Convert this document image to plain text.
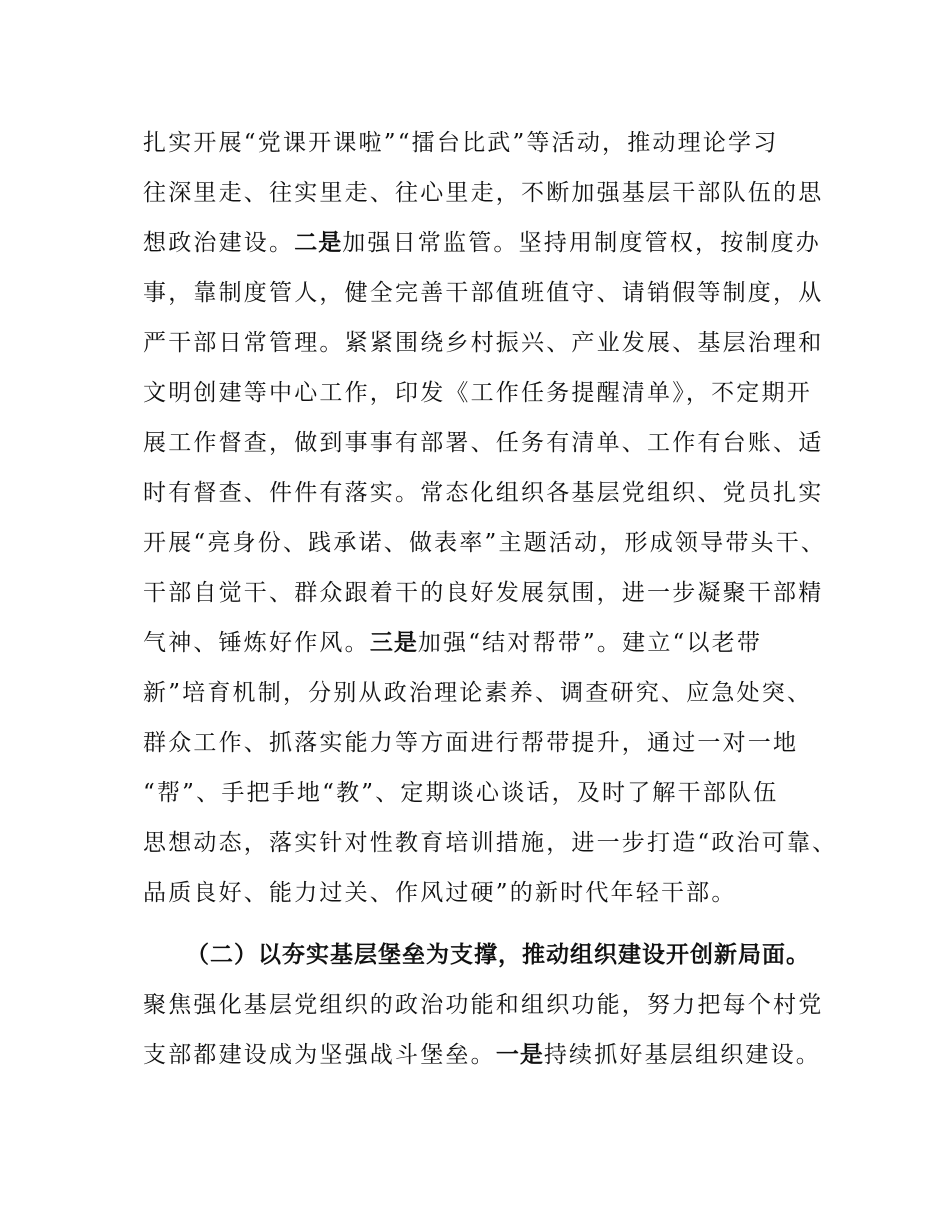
扎实开展“党课开课啦”“擂台比武”等活动，推动理论学习
往深里走、往实里走、往心里走，不断加强基层干部队伍的思
想政治建设。二是加强日常监管。坚持用制度管权，按制度办
事，靠制度管人，健全完善干部值班值守、请销假等制度，从
严干部日常管理。紧紧围绕乡村振兴、产业发展、基层治理和
文明创建等中心工作，印发《工作任务提醒清单》，不定期开
展工作督查，做到事事有部署、任务有清单、工作有台账、适
时有督查、件件有落实。常态化组织各基层党组织、党员扎实
开展“亮身份、践承诺、做表率”主题活动，形成领导带头干、
干部自觉干、群众跟着干的良好发展氛围，进一步凝聚干部精
气神、锤炼好作风。三是加强“结对帮带”。建立“以老带
新”培育机制，分别从政治理论素养、调查研究、应急处突、
群众工作、抓落实能力等方面进行帮带提升，通过一对一地
“帮”、手把手地“教”、定期谈心谈话，及时了解干部队伍
思想动态，落实针对性教育培训措施，进一步打造“政治可靠、
品质良好、能力过关、作风过硬”的新时代年轻干部。
（二）以夯实基层堡垒为支撑，推动组织建设开创新局面。
聚焦强化基层党组织的政治功能和组织功能，努力把每个村党
支部都建设成为坚强战斗堡垒。一是持续抓好基层组织建设。
